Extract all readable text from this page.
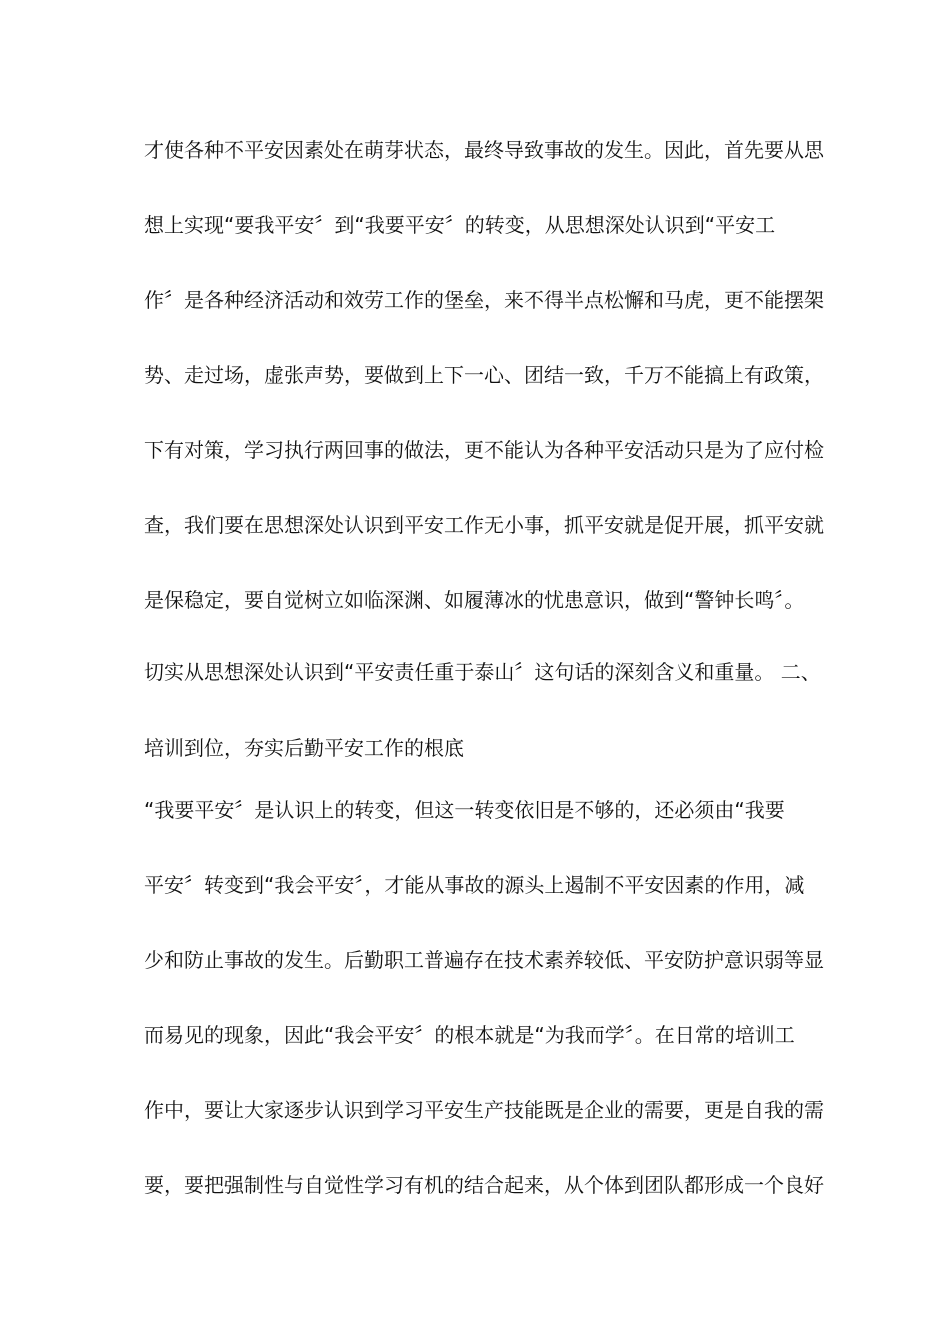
才使各种不平安因素处在萌芽状态，最终导致事故的发生。因此，首先要从思
想上实现“要我平安〞到“我要平安〞的转变，从思想深处认识到“平安工
作〞是各种经济活动和效劳工作的堡垒，来不得半点松懈和马虎，更不能摆架
势、走过场，虚张声势，要做到上下一心、团结一致，千万不能搞上有政策，
下有对策，学习执行两回事的做法，更不能认为各种平安活动只是为了应付检
查，我们要在思想深处认识到平安工作无小事，抓平安就是促开展，抓平安就
是保稳定，要自觉树立如临深渊、如履薄冰的忧患意识，做到“警钟长鸣〞。
切实从思想深处认识到“平安责任重于泰山〞这句话的深刻含义和重量。 二、
培训到位，夯实后勤平安工作的根底
“我要平安〞是认识上的转变，但这一转变依旧是不够的，还必须由“我要
平安〞转变到“我会平安〞，才能从事故的源头上遏制不平安因素的作用，减
少和防止事故的发生。后勤职工普遍存在技术素养较低、平安防护意识弱等显
而易见的现象，因此“我会平安〞的根本就是“为我而学〞。在日常的培训工
作中，要让大家逐步认识到学习平安生产技能既是企业的需要，更是自我的需
要，要把强制性与自觉性学习有机的结合起来，从个体到团队都形成一个良好
